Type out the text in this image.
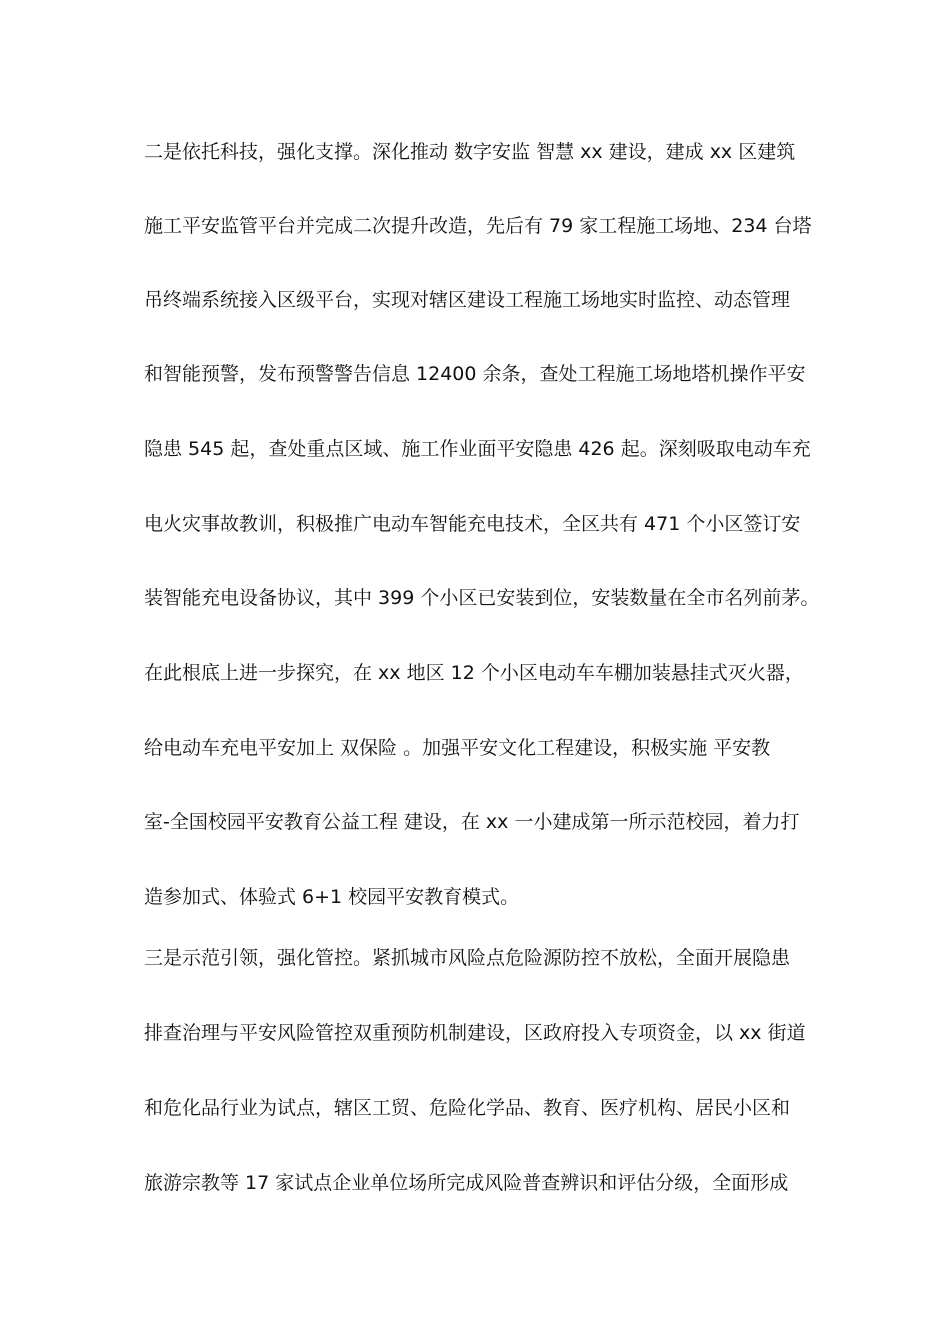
二是依托科技，强化支撑。深化推动 数字安监 智慧 xx 建设，建成 xx 区建筑
施工平安监管平台并完成二次提升改造，先后有 79 家工程施工场地、234 台塔
吊终端系统接入区级平台，实现对辖区建设工程施工场地实时监控、动态管理
和智能预警，发布预警警告信息 12400 余条，查处工程施工场地塔机操作平安
隐患 545 起，查处重点区域、施工作业面平安隐患 426 起。深刻吸取电动车充
电火灾事故教训，积极推广电动车智能充电技术，全区共有 471 个小区签订安
装智能充电设备协议，其中 399 个小区已安装到位，安装数量在全市名列前茅。
在此根底上进一步探究，在 xx 地区 12 个小区电动车车棚加装悬挂式灭火器，
给电动车充电平安加上 双保险 。加强平安文化工程建设，积极实施 平安教
室-全国校园平安教育公益工程 建设，在 xx 一小建成第一所示范校园，着力打
造参加式、体验式 6+1 校园平安教育模式。
三是示范引领，强化管控。紧抓城市风险点危险源防控不放松，全面开展隐患
排查治理与平安风险管控双重预防机制建设，区政府投入专项资金，以 xx 街道
和危化品行业为试点，辖区工贸、危险化学品、教育、医疗机构、居民小区和
旅游宗教等 17 家试点企业单位场所完成风险普查辨识和评估分级，全面形成
